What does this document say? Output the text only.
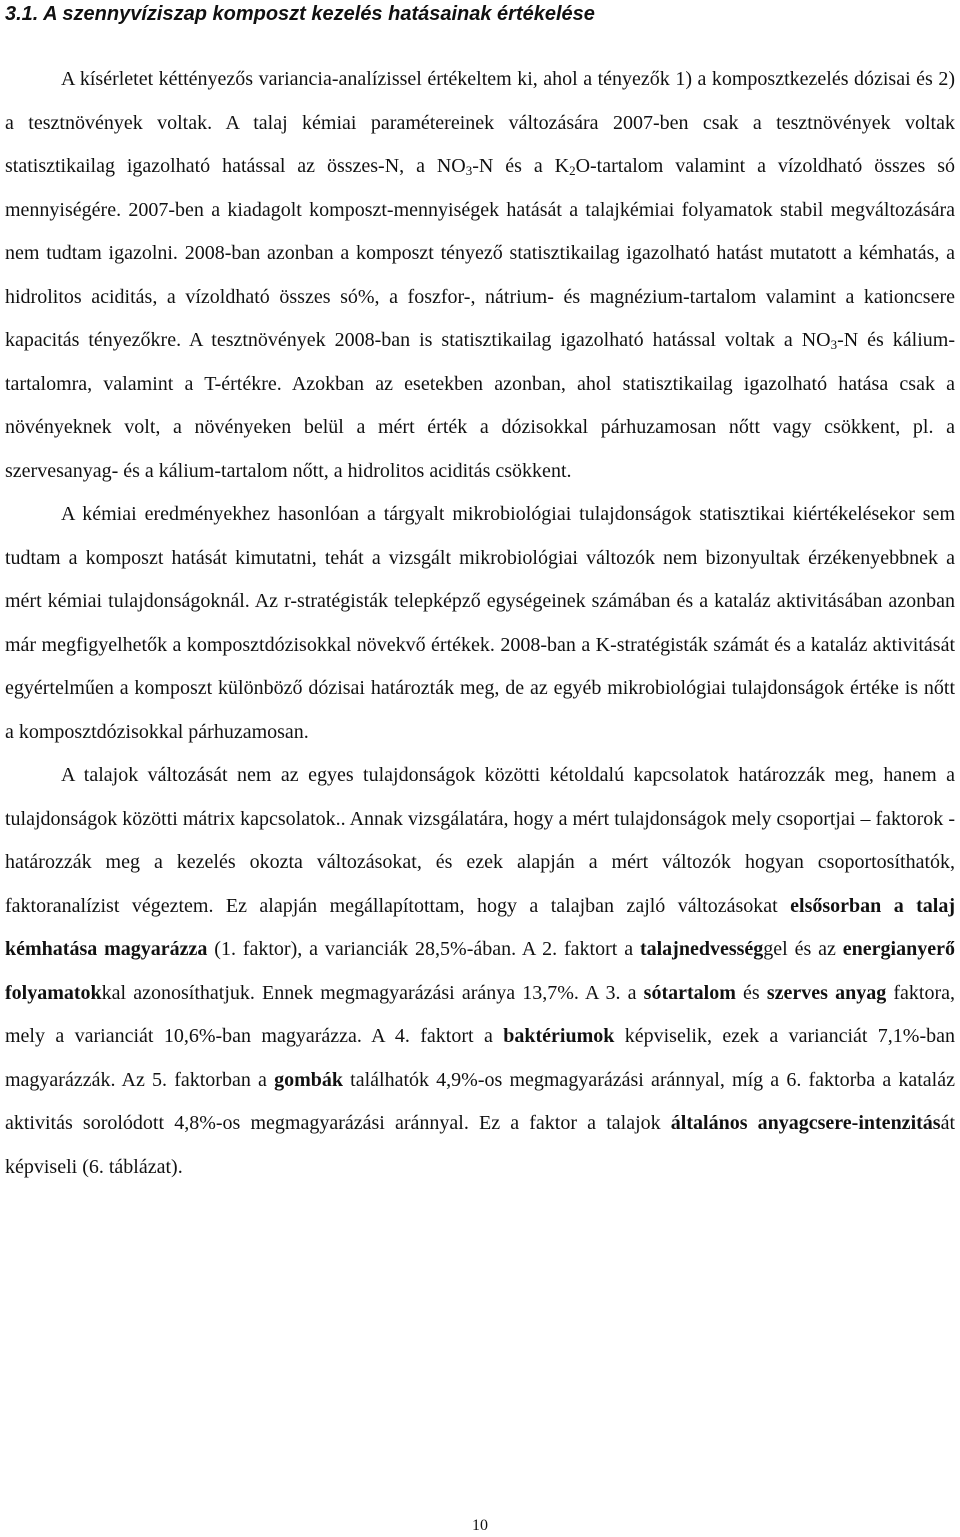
3.1. A szennyvíziszap komposzt kezelés hatásainak értékelése

A kísérletet kéttényezős variancia-analízissel értékeltem ki, ahol a tényezők 1) a komposztkezelés dózisai és 2) a tesztnövények voltak. A talaj kémiai paramétereinek változására 2007-ben csak a tesztnövények voltak statisztikailag igazolható hatással az összes-N, a $NO_3-N$ és a $K_2O$-tartalom valamint a vízoldható összes só mennyiségére. 2007-ben a kiadagolt komposzt-mennyiségek hatását a talajkémiai folyamatok stabil megváltozására nem tudtam igazolni. 2008-ban azonban a komposzt tényező statisztikailag igazolható hatást mutatott a kémhatás, a hidrolitos aciditás, a vízoldható összes só%, a foszfor-, nátrium- és magnézium-tartalom valamint a kationcsere kapacitás tényezőkre. A tesztnövények 2008-ban is statisztikailag igazolható hatással voltak a $NO_3-N$ és kálium-tartalomra, valamint a T-értékre. Azokban az esetekben azonban, ahol statisztikailag igazolható hatása csak a növényeknek volt, a növényeken belül a mért érték a dózisokkal párhuzamosan nőtt vagy csökkent, pl. a szervesanyag- és a kálium-tartalom nőtt, a hidrolitos aciditás csökkent.

A kémiai eredményekhez hasonlóan a tárgyalt mikrobiológiai tulajdonságok statisztikai kiértékelésekor sem tudtam a komposzt hatását kimutatni, tehát a vizsgált mikrobiológiai változók nem bizonyultak érzékenyebbnek a mért kémiai tulajdonságoknál. Az r-stratégisták telepképző egységeinek számában és a kataláz aktivitásában azonban már megfigyelhetők a komposztdózisokkal növekvő értékek. 2008-ban a K-stratégisták számát és a kataláz aktivitását egyértelműen a komposzt különböző dózisai határozták meg, de az egyéb mikrobiológiai tulajdonságok értéke is nőtt a komposztdózisokkal párhuzamosan.

A talajok változását nem az egyes tulajdonságok közötti kétoldalú kapcsolatok határozzák meg, hanem a tulajdonságok közötti mátrix kapcsolatok.. Annak vizsgálatára, hogy a mért tulajdonságok mely csoportjai – faktorok - határozzák meg a kezelés okozta változásokat, és ezek alapján a mért változók hogyan csoportosíthatók, faktoranalízist végeztem. Ez alapján megállapítottam, hogy a talajban zajló változásokat elsősorban a talaj kémhatása magyarázza (1. faktor), a varianciák 28,5%-ában. A 2. faktort a talajnedvességgel és az energianyerő folyamatokkal azonosíthatjuk. Ennek megmagyarázási aránya 13,7%. A 3. a sótartalom és szerves anyag faktora, mely a varianciát 10,6%-ban magyarázza. A 4. faktort a baktériumok képviselik, ezek a varianciát 7,1%-ban magyarázzák. Az 5. faktorban a gombák találhatók 4,9%-os megmagyarázási aránnyal, míg a 6. faktorba a kataláz aktivitás sorolódott 4,8%-os megmagyarázási aránnyal. Ez a faktor a talajok általános anyagcsere-intenzitását képviseli (6. táblázat).

10
